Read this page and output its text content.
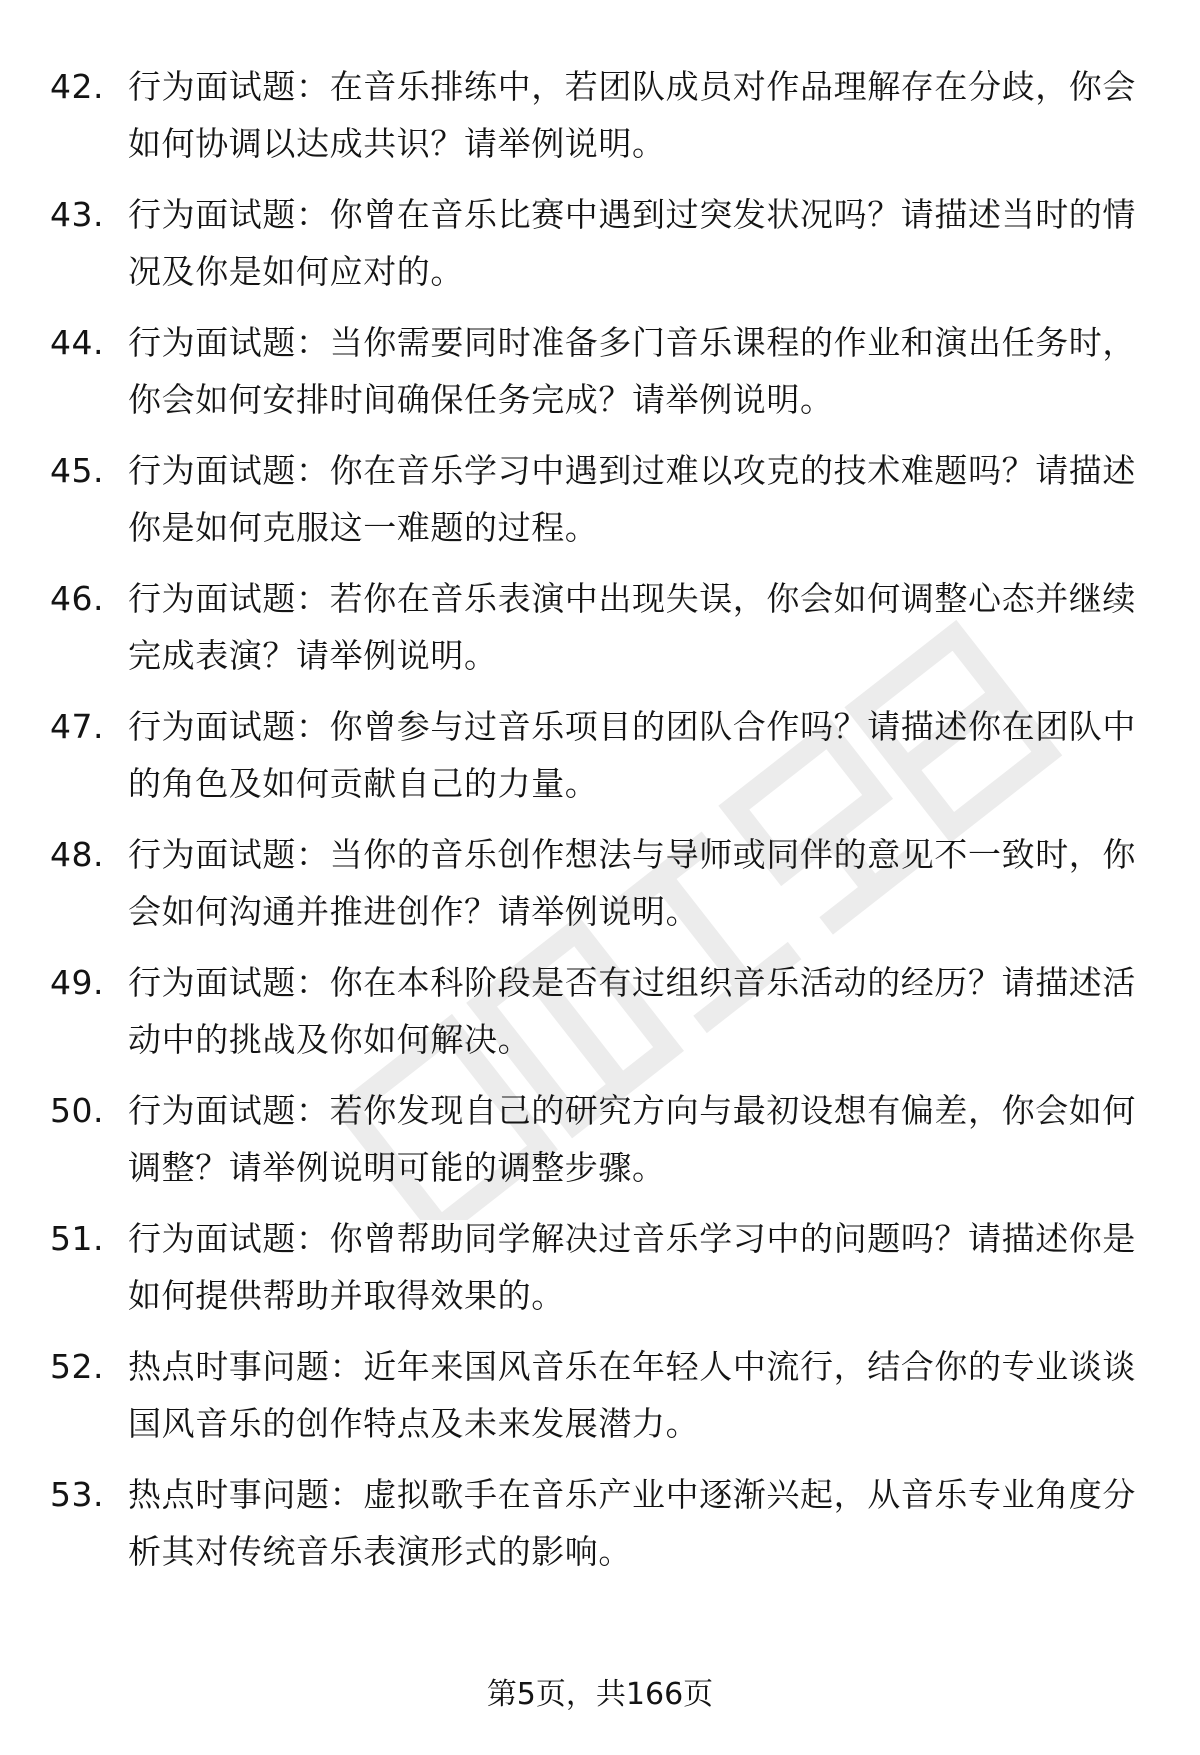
42. 行为面试题：在音乐排练中，若团队成员对作品理解存在分歧，你会如何协调以达成共识？请举例说明。
43. 行为面试题：你曾在音乐比赛中遇到过突发状况吗？请描述当时的情况及你是如何应对的。
44. 行为面试题：当你需要同时准备多门音乐课程的作业和演出任务时，你会如何安排时间确保任务完成？请举例说明。
45. 行为面试题：你在音乐学习中遇到过难以攻克的技术难题吗？请描述你是如何克服这一难题的过程。
46. 行为面试题：若你在音乐表演中出现失误，你会如何调整心态并继续完成表演？请举例说明。
47. 行为面试题：你曾参与过音乐项目的团队合作吗？请描述你在团队中的角色及如何贡献自己的力量。
48. 行为面试题：当你的音乐创作想法与导师或同伴的意见不一致时，你会如何沟通并推进创作？请举例说明。
49. 行为面试题：你在本科阶段是否有过组织音乐活动的经历？请描述活动中的挑战及你如何解决。
50. 行为面试题：若你发现自己的研究方向与最初设想有偏差，你会如何调整？请举例说明可能的调整步骤。
51. 行为面试题：你曾帮助同学解决过音乐学习中的问题吗？请描述你是如何提供帮助并取得效果的。
52. 热点时事问题：近年来国风音乐在年轻人中流行，结合你的专业谈谈国风音乐的创作特点及未来发展潜力。
53. 热点时事问题：虚拟歌手在音乐产业中逐渐兴起，从音乐专业角度分析其对传统音乐表演形式的影响。
第5页，共166页
